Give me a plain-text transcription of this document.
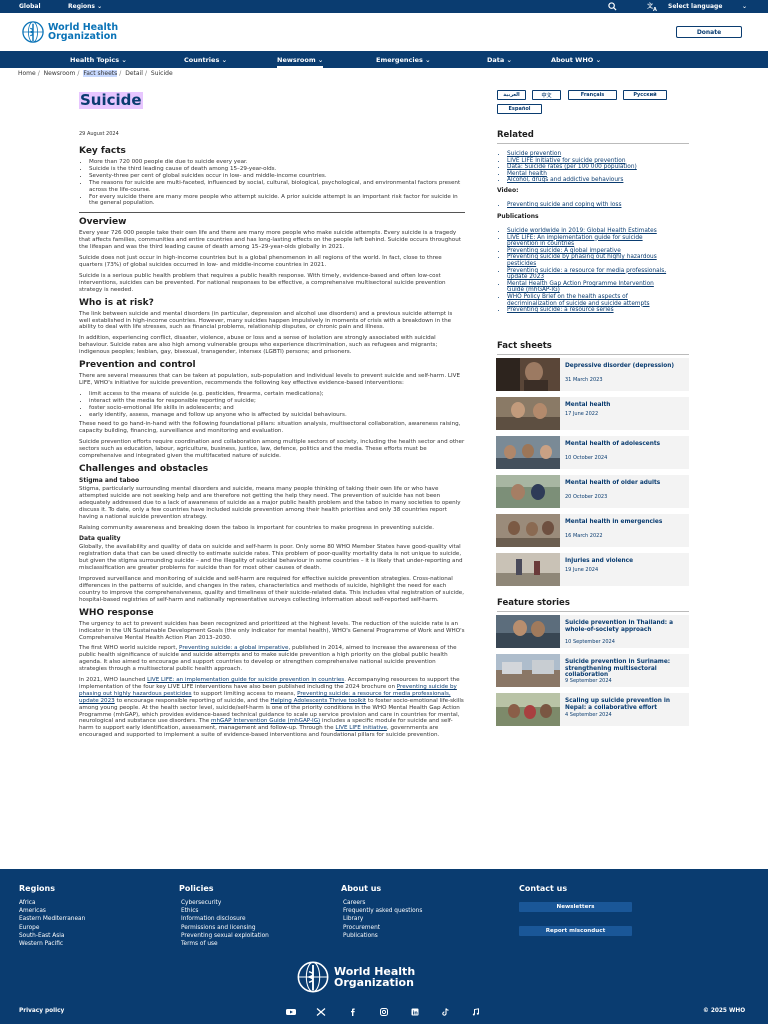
Global	Regions ⌄	文 A Select language	⌄
World Health
Organization	Donate
Health Topics ⌄	Countries ⌄	Newsroom ⌄	Emergencies ⌄	Data ⌄	About WHO ⌄
Home / Newsroom / Fact sheets / Detail / Suicide
Suicide
29 August 2024
Key facts
• More than 720 000 people die due to suicide every year.
• Suicide is the third leading cause of death among 15–29-year-olds.
• Seventy-three per cent of global suicides occur in low- and middle-income countries.
• The reasons for suicide are multi-faceted, influenced by social, cultural, biological, psychological, and environmental factors present across the life-course.
• For every suicide there are many more people who attempt suicide. A prior suicide attempt is an important risk factor for suicide in the general population.
Overview

Every year 726 000 people take their own life and there are many more people who make suicide attempts. Every suicide is a tragedy that affects families, communities and entire countries and has long-lasting effects on the people left behind. Suicide occurs throughout the lifespan and was the third leading cause of death among 15–29-year-olds globally in 2021.

Suicide does not just occur in high-income countries but is a global phenomenon in all regions of the world. In fact, close to three quarters (73%) of global suicides occurred in low- and middle-income countries in 2021.

Suicide is a serious public health problem that requires a public health response. With timely, evidence-based and often low-cost interventions, suicides can be prevented. For national responses to be effective, a comprehensive multisectoral suicide prevention strategy is needed.

Who is at risk?

The link between suicide and mental disorders (in particular, depression and alcohol use disorders) and a previous suicide attempt is well established in high-income countries. However, many suicides happen impulsively in moments of crisis with a breakdown in the ability to deal with life stresses, such as financial problems, relationship disputes, or chronic pain and illness.

In addition, experiencing conflict, disaster, violence, abuse or loss and a sense of isolation are strongly associated with suicidal behaviour. Suicide rates are also high among vulnerable groups who experience discrimination, such as refugees and migrants; indigenous peoples; lesbian, gay, bisexual, transgender, intersex (LGBTI) persons; and prisoners.

Prevention and control

There are several measures that can be taken at population, sub-population and individual levels to prevent suicide and self-harm. LIVE LIFE, WHO's initiative for suicide prevention, recommends the following key effective evidence-based interventions:

• limit access to the means of suicide (e.g. pesticides, firearms, certain medications);
• interact with the media for responsible reporting of suicide;
• foster socio-emotional life skills in adolescents; and
• early identify, assess, manage and follow up anyone who is affected by suicidal behaviours.

These need to go hand-in-hand with the following foundational pillars: situation analysis, multisectoral collaboration, awareness raising, capacity building, financing, surveillance and monitoring and evaluation.

Suicide prevention efforts require coordination and collaboration among multiple sectors of society, including the health sector and other sectors such as education, labour, agriculture, business, justice, law, defence, politics and the media. These efforts must be comprehensive and integrated given the multifaceted nature of suicide.

Challenges and obstacles
Stigma and taboo

Stigma, particularly surrounding mental disorders and suicide, means many people thinking of taking their own life or who have attempted suicide are not seeking help and are therefore not getting the help they need. The prevention of suicide has not been adequately addressed due to a lack of awareness of suicide as a major public health problem and the taboo in many societies to openly discuss it. To date, only a few countries have included suicide prevention among their health priorities and only 38 countries report having a national suicide prevention strategy.

Raising community awareness and breaking down the taboo is important for countries to make progress in preventing suicide.

Data quality

Globally, the availability and quality of data on suicide and self-harm is poor. Only some 80 WHO Member States have good-quality vital registration data that can be used directly to estimate suicide rates. This problem of poor-quality mortality data is not unique to suicide, but given the stigma surrounding suicide – and the illegality of suicidal behaviour in some countries – it is likely that under-reporting and misclassification are greater problems for suicide than for most other causes of death.

Improved surveillance and monitoring of suicide and self-harm are required for effective suicide prevention strategies. Cross-national differences in the patterns of suicide, and changes in the rates, characteristics and methods of suicide, highlight the need for each country to improve the comprehensiveness, quality and timeliness of their suicide-related data. This includes vital registration of suicide, hospital-based registries of self-harm and nationally representative surveys collecting information about self-reported self-harm.

WHO response

The urgency to act to prevent suicides has been recognized and prioritized at the highest levels. The reduction of the suicide rate is an indicator in the UN Sustainable Development Goals (the only indicator for mental health), WHO's General Programme of Work and WHO's Comprehensive Mental Health Action Plan 2013–2030.

The first WHO world suicide report, Preventing suicide: a global imperative, published in 2014, aimed to increase the awareness of the public health significance of suicide and suicide attempts and to make suicide prevention a high priority on the global public health agenda. It also aimed to encourage and support countries to develop or strengthen comprehensive national suicide prevention strategies through a multisectoral public health approach.

In 2021, WHO launched LIVE LIFE: an implementation guide for suicide prevention in countries. Accompanying resources to support the implementation of the four key LIVE LIFE interventions have also been published including the 2024 brochure on Preventing suicide by phasing out highly hazardous pesticides to support limiting access to means, Preventing suicide: a resource for media professionals, update 2023 to encourage responsible reporting of suicide, and the Helping Adolescents Thrive toolkit to foster socio-emotional life-skills among young people. At the health sector level, suicide/self-harm is one of the priority conditions in the WHO Mental Health Gap Action Programme (mhGAP), which provides evidence-based technical guidance to scale up service provision and care in countries for mental, neurological and substance use disorders. The mhGAP Intervention Guide (mhGAP-IG) includes a specific module for suicide and self-harm to support early identification, assessment, management and follow-up. Through the LIVE LIFE initiative, governments are encouraged and supported to implement a suite of evidence-based interventions and foundational pillars for suicide prevention.

العربية	中文	Français	Русский
Español
Related
• Suicide prevention
• LIVE LIFE initiative for suicide prevention
• Data: Suicide rates (per 100 000 population)
• Mental health
• Alcohol, drugs and addictive behaviours
Video:
• Preventing suicide and coping with loss
Publications
• Suicide worldwide in 2019: Global Health Estimates
• LIVE LIFE: An implementation guide for suicide prevention in countries
• Preventing suicide: A global imperative
• Preventing suicide by phasing out highly hazardous pesticides
• Preventing suicide: a resource for media professionals, update 2023
• Mental Health Gap Action Programme Intervention Guide (mhGAP-IG)
• WHO Policy Brief on the health aspects of decriminalization of suicide and suicide attempts
• Preventing suicide: a resource series
Fact sheets
Depressive disorder (depression)
31 March 2023
Mental health
17 June 2022
Mental health of adolescents
10 October 2024
Mental health of older adults
20 October 2023
Mental health in emergencies
16 March 2022
Injuries and violence
19 June 2024
Feature stories
Suicide prevention in Thailand: a whole-of-society approach
10 September 2024
Suicide prevention in Suriname: strengthening multisectoral collaboration
9 September 2024
Scaling up suicide prevention in Nepal: a collaborative effort
4 September 2024
Regions
Africa
Americas
Eastern Mediterranean
Europe
South-East Asia
Western Pacific
Policies
Cybersecurity
Ethics
Information disclosure
Permissions and licensing
Preventing sexual exploitation
Terms of use
About us
Careers
Frequently asked questions
Library
Procurement
Publications
Contact us
Newsletters
Report misconduct
World Health
Organization
Privacy policy	in	© 2025 WHO
